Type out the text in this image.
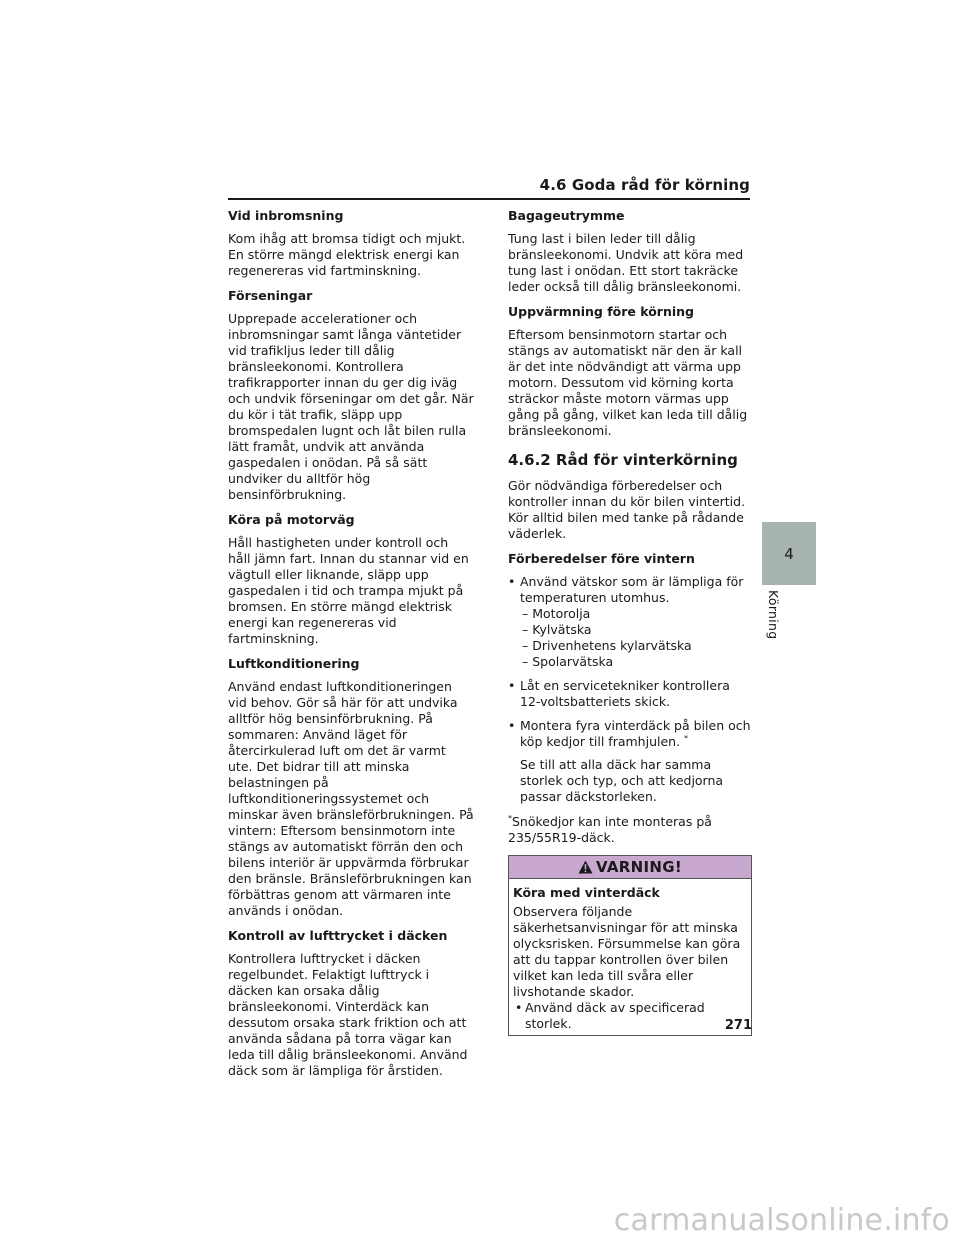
4.6 Goda råd för körning
Vid inbromsning

Kom ihåg att bromsa tidigt och mjukt. En större mängd elektrisk energi kan regenereras vid fartminskning.

Förseningar

Upprepade accelerationer och inbromsningar samt långa väntetider vid trafikljus leder till dålig bränsleekonomi. Kontrollera trafikrapporter innan du ger dig iväg och undvik förseningar om det går. När du kör i tät trafik, släpp upp bromspedalen lugnt och låt bilen rulla lätt framåt, undvik att använda gaspedalen i onödan. På så sätt undviker du alltför hög bensinförbrukning.

Köra på motorväg

Håll hastigheten under kontroll och håll jämn fart. Innan du stannar vid en vägtull eller liknande, släpp upp gaspedalen i tid och trampa mjukt på bromsen. En större mängd elektrisk energi kan regenereras vid fartminskning.

Luftkonditionering

Använd endast luftkonditioneringen vid behov. Gör så här för att undvika alltför hög bensinförbrukning. På sommaren: Använd läget för återcirkulerad luft om det är varmt ute. Det bidrar till att minska belastningen på luftkonditioneringssystemet och minskar även bränsleförbrukningen. På vintern: Eftersom bensinmotorn inte stängs av automatiskt förrän den och bilens interiör är uppvärmda förbrukar den bränsle. Bränsleförbrukningen kan förbättras genom att värmaren inte används i onödan.

Kontroll av lufttrycket i däcken

Kontrollera lufttrycket i däcken regelbundet. Felaktigt lufttryck i däcken kan orsaka dålig bränsleekonomi. Vinterdäck kan dessutom orsaka stark friktion och att använda sådana på torra vägar kan leda till dålig bränsleekonomi. Använd däck som är lämpliga för årstiden.

Bagageutrymme

Tung last i bilen leder till dålig bränsleekonomi. Undvik att köra med tung last i onödan. Ett stort takräcke leder också till dålig bränsleekonomi.

Uppvärmning före körning

Eftersom bensinmotorn startar och stängs av automatiskt när den är kall är det inte nödvändigt att värma upp motorn. Dessutom vid körning korta sträckor måste motorn värmas upp gång på gång, vilket kan leda till dålig bränsleekonomi.

4.6.2 Råd för vinterkörning

Gör nödvändiga förberedelser och kontroller innan du kör bilen vintertid. Kör alltid bilen med tanke på rådande väderlek.

Förberedelser före vintern
• Använd vätskor som är lämpliga för temperaturen utomhus.
– Motorolja
– Kylvätska
– Drivenhetens kylarvätska
– Spolarvätska
• Låt en servicetekniker kontrollera 12-voltsbatteriets skick.
• Montera fyra vinterdäck på bilen och köp kedjor till framhjulen. *
Se till att alla däck har samma storlek och typ, och att kedjorna passar däckstorleken.

*Snökedjor kan inte monteras på 235/55R19-däck.

VARNING!
Köra med vinterdäck

Observera följande säkerhetsanvisningar för att minska olycksrisken. Försummelse kan göra att du tappar kontrollen över bilen vilket kan leda till svåra eller livshotande skador.

• Använd däck av specificerad storlek.

4
Körning
271
carmanualsonline.info
